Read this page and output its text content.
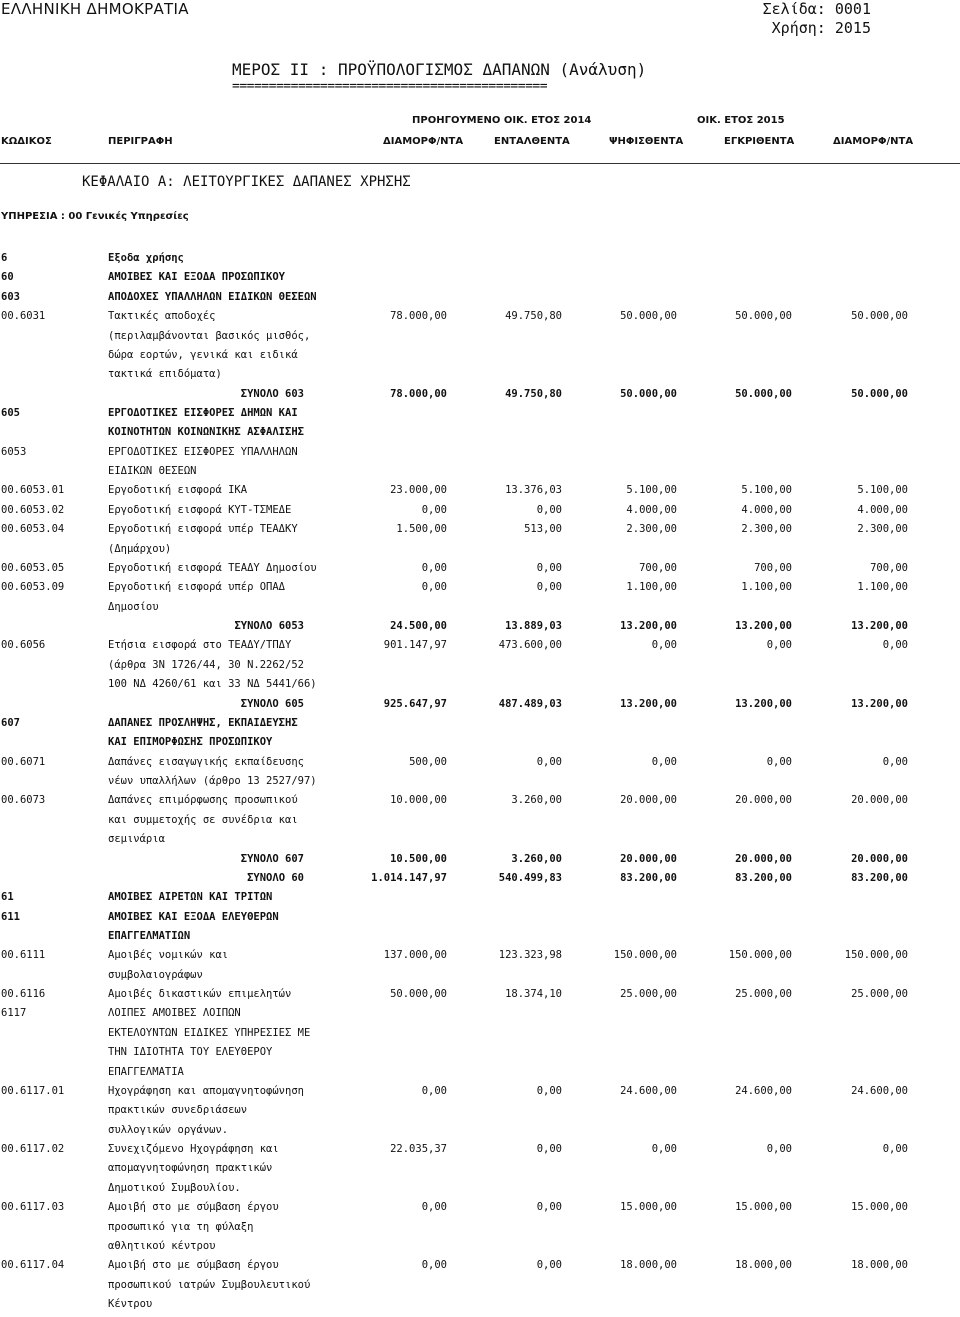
ΕΛΛΗΝΙΚΗ ΔΗΜΟΚΡΑΤΙΑ	Σελίδα: 0001
Χρήση: 2015
ΜΕΡΟΣ ΙΙ : ΠΡΟΫΠΟΛΟΓΙΣΜΟΣ ΔΑΠΑΝΩΝ (Ανάλυση)
===========================================
ΠΡΟΗΓΟΥΜΕΝΟ ΟΙΚ. ΕΤΟΣ 2014	ΟΙΚ. ΕΤΟΣ 2015
ΚΩΔΙΚΟΣ	ΠΕΡΙΓΡΑΦΗ	ΔΙΑΜΟΡΦ/ΝΤΑ	ΕΝΤΑΛΘΕΝΤΑ	ΨΗΦΙΣΘΕΝΤΑ	ΕΓΚΡΙΘΕΝΤΑ	ΔΙΑΜΟΡΦ/ΝΤΑ
ΚΕΦΑΛΑΙΟ Α: ΛΕΙΤΟΥΡΓΙΚΕΣ ΔΑΠΑΝΕΣ ΧΡΗΣΗΣ
ΥΠΗΡΕΣΙΑ : 00 Γενικές Υπηρεσίες
6	Εξοδα χρήσης
60	ΑΜΟΙΒΕΣ ΚΑΙ ΕΞΟΔΑ ΠΡΟΣΩΠΙΚΟΥ
603	ΑΠΟΔΟΧΕΣ ΥΠΑΛΛΗΛΩΝ ΕΙΔΙΚΩΝ ΘΕΣΕΩΝ
00.6031	Τακτικές αποδοχές	78.000,00	49.750,80	50.000,00	50.000,00	50.000,00
(περιλαμβάνονται βασικός μισθός,
δώρα εορτών, γενικά και ειδικά
τακτικά επιδόματα)
ΣΥΝΟΛΟ 603	78.000,00	49.750,80	50.000,00	50.000,00	50.000,00
605	ΕΡΓΟΔΟΤΙΚΕΣ ΕΙΣΦΟΡΕΣ ΔΗΜΩΝ ΚΑΙ
ΚΟΙΝΟΤΗΤΩΝ ΚΟΙΝΩΝΙΚΗΣ ΑΣΦΑΛΙΣΗΣ
6053	ΕΡΓΟΔΟΤΙΚΕΣ ΕΙΣΦΟΡΕΣ ΥΠΑΛΛΗΛΩΝ
ΕΙΔΙΚΩΝ ΘΕΣΕΩΝ
00.6053.01	Εργοδοτική εισφορά ΙΚΑ	23.000,00	13.376,03	5.100,00	5.100,00	5.100,00
00.6053.02	Εργοδοτική εισφορά ΚΥΤ-ΤΣΜΕΔΕ	0,00	0,00	4.000,00	4.000,00	4.000,00
00.6053.04	Εργοδοτική εισφορά υπέρ ΤΕΑΔΚΥ	1.500,00	513,00	2.300,00	2.300,00	2.300,00
(Δημάρχου)
00.6053.05	Εργοδοτική εισφορά ΤΕΑΔΥ Δημοσίου	0,00	0,00	700,00	700,00	700,00
00.6053.09	Εργοδοτική εισφορά υπέρ ΟΠΑΔ	0,00	0,00	1.100,00	1.100,00	1.100,00
Δημοσίου
ΣΥΝΟΛΟ 6053	24.500,00	13.889,03	13.200,00	13.200,00	13.200,00
00.6056	Ετήσια εισφορά στο ΤΕΑΔΥ/ΤΠΔΥ	901.147,97	473.600,00	0,00	0,00	0,00
(άρθρα 3Ν 1726/44, 30 Ν.2262/52
100 ΝΔ 4260/61 και 33 ΝΔ 5441/66)
ΣΥΝΟΛΟ 605	925.647,97	487.489,03	13.200,00	13.200,00	13.200,00
607	ΔΑΠΑΝΕΣ ΠΡΟΣΛΗΨΗΣ, ΕΚΠΑΙΔΕΥΣΗΣ
ΚΑΙ ΕΠΙΜΟΡΦΩΣΗΣ ΠΡΟΣΩΠΙΚΟΥ
00.6071	Δαπάνες εισαγωγικής εκπαίδευσης	500,00	0,00	0,00	0,00	0,00
νέων υπαλλήλων (άρθρο 13 2527/97)
00.6073	Δαπάνες επιμόρφωσης προσωπικού	10.000,00	3.260,00	20.000,00	20.000,00	20.000,00
και συμμετοχής σε συνέδρια και
σεμινάρια
ΣΥΝΟΛΟ 607	10.500,00	3.260,00	20.000,00	20.000,00	20.000,00
ΣΥΝΟΛΟ 60	1.014.147,97	540.499,83	83.200,00	83.200,00	83.200,00
61	ΑΜΟΙΒΕΣ ΑΙΡΕΤΩΝ ΚΑΙ ΤΡΙΤΩΝ
611	ΑΜΟΙΒΕΣ ΚΑΙ ΕΞΟΔΑ ΕΛΕΥΘΕΡΩΝ
ΕΠΑΓΓΕΛΜΑΤΙΩΝ
00.6111	Αμοιβές νομικών και	137.000,00	123.323,98	150.000,00	150.000,00	150.000,00
συμβολαιογράφων
00.6116	Αμοιβές δικαστικών επιμελητών	50.000,00	18.374,10	25.000,00	25.000,00	25.000,00
6117	ΛΟΙΠΕΣ ΑΜΟΙΒΕΣ ΛΟΙΠΩΝ
ΕΚΤΕΛΟΥΝΤΩΝ ΕΙΔΙΚΕΣ ΥΠΗΡΕΣΙΕΣ ΜΕ
ΤΗΝ ΙΔΙΟΤΗΤΑ ΤΟΥ ΕΛΕΥΘΕΡΟΥ
ΕΠΑΓΓΕΛΜΑΤΙΑ
00.6117.01	Ηχογράφηση και απομαγνητοφώνηση	0,00	0,00	24.600,00	24.600,00	24.600,00
πρακτικών συνεδριάσεων
συλλογικών οργάνων.
00.6117.02	Συνεχιζόμενο Ηχογράφηση και	22.035,37	0,00	0,00	0,00	0,00
απομαγνητοφώνηση πρακτικών
Δημοτικού Συμβουλίου.
00.6117.03	Αμοιβή στο με σύμβαση έργου	0,00	0,00	15.000,00	15.000,00	15.000,00
προσωπικό για τη φύλαξη
αθλητικού κέντρου
00.6117.04	Αμοιβή στο με σύμβαση έργου	0,00	0,00	18.000,00	18.000,00	18.000,00
προσωπικού ιατρών Συμβουλευτικού
Κέντρου
